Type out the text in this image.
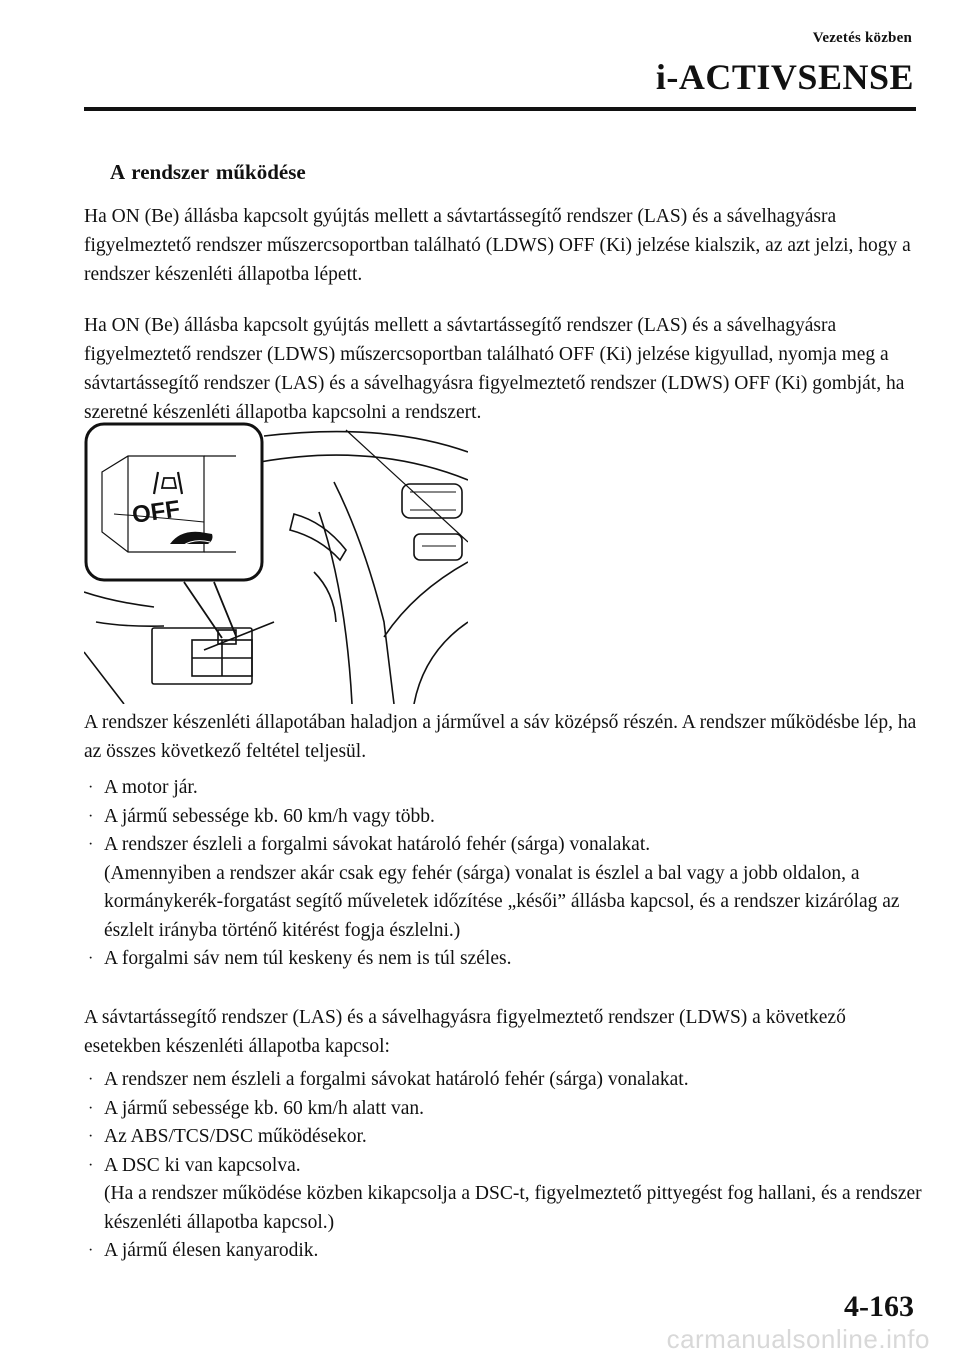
Vezetés közben
i-ACTIVSENSE
A rendszer működése

Ha ON (Be) állásba kapcsolt gyújtás mellett a sávtartássegítő rendszer (LAS) és a sávelhagyásra figyelmeztető rendszer műszercsoportban található (LDWS) OFF (Ki) jelzése kialszik, az azt jelzi, hogy a rendszer készenléti állapotba lépett.

Ha ON (Be) állásba kapcsolt gyújtás mellett a sávtartássegítő rendszer (LAS) és a sávelhagyásra figyelmeztető rendszer (LDWS) műszercsoportban található OFF (Ki) jelzése kigyullad, nyomja meg a sávtartássegítő rendszer (LAS) és a sávelhagyásra figyelmeztető rendszer (LDWS) OFF (Ki) gombját, ha szeretné készenléti állapotba kapcsolni a rendszert.

OFF

A rendszer készenléti állapotában haladjon a járművel a sáv középső részén. A rendszer működésbe lép, ha az összes következő feltétel teljesül.

· A motor jár.
· A jármű sebessége kb. 60 km/h vagy több.
· A rendszer észleli a forgalmi sávokat határoló fehér (sárga) vonalakat.
(Amennyiben a rendszer akár csak egy fehér (sárga) vonalat is észlel a bal vagy a jobb oldalon, a kormánykerék-forgatást segítő műveletek időzítése „késői” állásba kapcsol, és a rendszer kizárólag az észlelt irányba történő kitérést fogja észlelni.)
· A forgalmi sáv nem túl keskeny és nem is túl széles.

A sávtartássegítő rendszer (LAS) és a sávelhagyásra figyelmeztető rendszer (LDWS) a következő esetekben készenléti állapotba kapcsol:

· A rendszer nem észleli a forgalmi sávokat határoló fehér (sárga) vonalakat.
· A jármű sebessége kb. 60 km/h alatt van.
· Az ABS/TCS/DSC működésekor.
· A DSC ki van kapcsolva.
(Ha a rendszer működése közben kikapcsolja a DSC-t, figyelmeztető pittyegést fog hallani, és a rendszer készenléti állapotba kapcsol.)
· A jármű élesen kanyarodik.
4-163
carmanualsonline.info
